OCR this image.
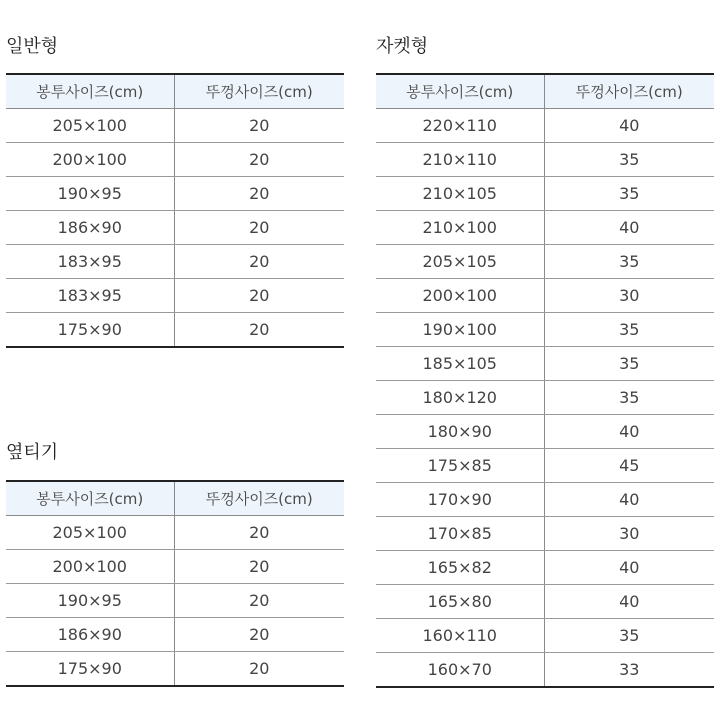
일반형
봉투사이즈(cm)	뚜껑사이즈(cm)
205×100	20
200×100	20
190×95	20
186×90	20
183×95	20
183×95	20
175×90	20
옆티기
봉투사이즈(cm)	뚜껑사이즈(cm)
205×100	20
200×100	20
190×95	20
186×90	20
175×90	20
자켓형
봉투사이즈(cm)	뚜껑사이즈(cm)
220×110	40
210×110	35
210×105	35
210×100	40
205×105	35
200×100	30
190×100	35
185×105	35
180×120	35
180×90	40
175×85	45
170×90	40
170×85	30
165×82	40
165×80	40
160×110	35
160×70	33
